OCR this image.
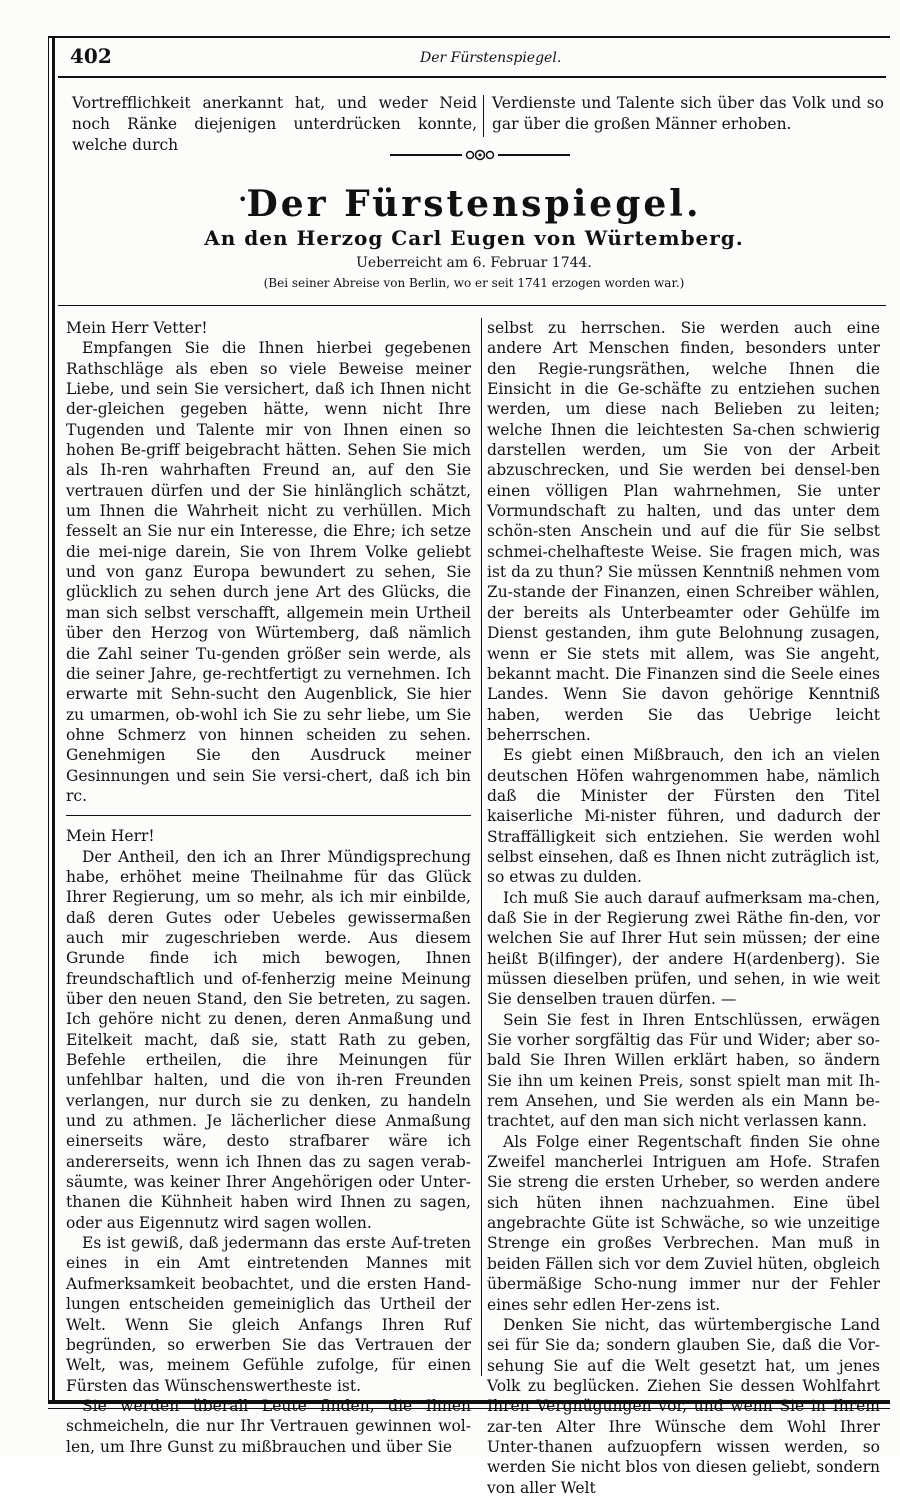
402	Der Fürstenspiegel.
Vortrefflichkeit anerkannt hat, und weder Neid noch Ränke diejenigen unterdrücken konnte, welche durch
Verdienste und Talente sich über das Volk und so gar über die großen Männer erhoben.
• Der Fürstenspiegel.
An den Herzog Carl Eugen von Würtemberg.
Ueberreicht am 6. Februar 1744.
(Bei seiner Abreise von Berlin, wo er seit 1741 erzogen worden war.)

Mein Herr Vetter!

Empfangen Sie die Ihnen hierbei gegebenen Rathschläge als eben so viele Beweise meiner Liebe, und sein Sie versichert, daß ich Ihnen nicht der-gleichen gegeben hätte, wenn nicht Ihre Tugenden und Talente mir von Ihnen einen so hohen Be-griff beigebracht hätten. Sehen Sie mich als Ih-ren wahrhaften Freund an, auf den Sie vertrauen dürfen und der Sie hinlänglich schätzt, um Ihnen die Wahrheit nicht zu verhüllen. Mich fesselt an Sie nur ein Interesse, die Ehre; ich setze die mei-nige darein, Sie von Ihrem Volke geliebt und von ganz Europa bewundert zu sehen, Sie glücklich zu sehen durch jene Art des Glücks, die man sich selbst verschafft, allgemein mein Urtheil über den Herzog von Würtemberg, daß nämlich die Zahl seiner Tu-genden größer sein werde, als die seiner Jahre, ge-rechtfertigt zu vernehmen. Ich erwarte mit Sehn-sucht den Augenblick, Sie hier zu umarmen, ob-wohl ich Sie zu sehr liebe, um Sie ohne Schmerz von hinnen scheiden zu sehen. Genehmigen Sie den Ausdruck meiner Gesinnungen und sein Sie versi-chert, daß ich bin rc.

Mein Herr!

Der Antheil, den ich an Ihrer Mündigsprechung habe, erhöhet meine Theilnahme für das Glück Ihrer Regierung, um so mehr, als ich mir einbilde, daß deren Gutes oder Uebeles gewissermaßen auch mir zugeschrieben werde. Aus diesem Grunde finde ich mich bewogen, Ihnen freundschaftlich und of-fenherzig meine Meinung über den neuen Stand, den Sie betreten, zu sagen. Ich gehöre nicht zu denen, deren Anmaßung und Eitelkeit macht, daß sie, statt Rath zu geben, Befehle ertheilen, die ihre Meinungen für unfehlbar halten, und die von ih-ren Freunden verlangen, nur durch sie zu denken, zu handeln und zu athmen. Je lächerlicher diese Anmaßung einerseits wäre, desto strafbarer wäre ich andererseits, wenn ich Ihnen das zu sagen verab-säumte, was keiner Ihrer Angehörigen oder Unter-thanen die Kühnheit haben wird Ihnen zu sagen, oder aus Eigennutz wird sagen wollen.

Es ist gewiß, daß jedermann das erste Auf-treten eines in ein Amt eintretenden Mannes mit Aufmerksamkeit beobachtet, und die ersten Hand-lungen entscheiden gemeiniglich das Urtheil der Welt. Wenn Sie gleich Anfangs Ihren Ruf begründen, so erwerben Sie das Vertrauen der Welt, was, meinem Gefühle zufolge, für einen Fürsten das Wünschenswertheste ist.

Sie werden überall Leute finden, die Ihnen schmeicheln, die nur Ihr Vertrauen gewinnen wol-len, um Ihre Gunst zu mißbrauchen und über Sie

selbst zu herrschen. Sie werden auch eine andere Art Menschen finden, besonders unter den Regie-rungsräthen, welche Ihnen die Einsicht in die Ge-schäfte zu entziehen suchen werden, um diese nach Belieben zu leiten; welche Ihnen die leichtesten Sa-chen schwierig darstellen werden, um Sie von der Arbeit abzuschrecken, und Sie werden bei densel-ben einen völligen Plan wahrnehmen, Sie unter Vormundschaft zu halten, und das unter dem schön-sten Anschein und auf die für Sie selbst schmei-chelhafteste Weise. Sie fragen mich, was ist da zu thun? Sie müssen Kenntniß nehmen vom Zu-stande der Finanzen, einen Schreiber wählen, der bereits als Unterbeamter oder Gehülfe im Dienst gestanden, ihm gute Belohnung zusagen, wenn er Sie stets mit allem, was Sie angeht, bekannt macht. Die Finanzen sind die Seele eines Landes. Wenn Sie davon gehörige Kenntniß haben, werden Sie das Uebrige leicht beherrschen.

Es giebt einen Mißbrauch, den ich an vielen deutschen Höfen wahrgenommen habe, nämlich daß die Minister der Fürsten den Titel kaiserliche Mi-nister führen, und dadurch der Straffälligkeit sich entziehen. Sie werden wohl selbst einsehen, daß es Ihnen nicht zuträglich ist, so etwas zu dulden.

Ich muß Sie auch darauf aufmerksam ma-chen, daß Sie in der Regierung zwei Räthe fin-den, vor welchen Sie auf Ihrer Hut sein müssen; der eine heißt B(ilfinger), der andere H(ardenberg). Sie müssen dieselben prüfen, und sehen, in wie weit Sie denselben trauen dürfen. —

Sein Sie fest in Ihren Entschlüssen, erwägen Sie vorher sorgfältig das Für und Wider; aber so-bald Sie Ihren Willen erklärt haben, so ändern Sie ihn um keinen Preis, sonst spielt man mit Ih-rem Ansehen, und Sie werden als ein Mann be-trachtet, auf den man sich nicht verlassen kann.

Als Folge einer Regentschaft finden Sie ohne Zweifel mancherlei Intriguen am Hofe. Strafen Sie streng die ersten Urheber, so werden andere sich hüten ihnen nachzuahmen. Eine übel angebrachte Güte ist Schwäche, so wie unzeitige Strenge ein großes Verbrechen. Man muß in beiden Fällen sich vor dem Zuviel hüten, obgleich übermäßige Scho-nung immer nur der Fehler eines sehr edlen Her-zens ist.

Denken Sie nicht, das würtembergische Land sei für Sie da; sondern glauben Sie, daß die Vor-sehung Sie auf die Welt gesetzt hat, um jenes Volk zu beglücken. Ziehen Sie dessen Wohlfahrt Ihren Vergnügungen vor, und wenn Sie in Ihrem zar-ten Alter Ihre Wünsche dem Wohl Ihrer Unter-thanen aufzuopfern wissen werden, so werden Sie nicht blos von diesen geliebt, sondern von aller Welt
